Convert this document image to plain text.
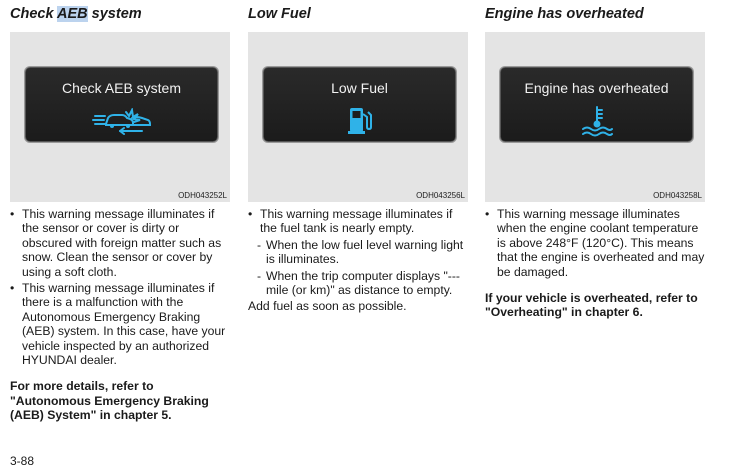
Check AEB system
Check AEB system
ODH043252L
• This warning message illuminates if the sensor or cover is dirty or obscured with foreign matter such as snow. Clean the sensor or cover by using a soft cloth.
• This warning message illuminates if there is a malfunction with the Autonomous Emergency Braking (AEB) system. In this case, have your vehicle inspected by an authorized HYUNDAI dealer.
For more details, refer to "Autonomous Emergency Braking (AEB) System" in chapter 5.
Low Fuel
Low Fuel
ODH043256L
• This warning message illuminates if the fuel tank is nearly empty.
- When the low fuel level warning light is illuminates.
- When the trip computer displays "--- mile (or km)" as distance to empty.
Add fuel as soon as possible.
Engine has overheated
Engine has overheated
ODH043258L
• This warning message illuminates when the engine coolant temperature is above 248°F (120°C). This means that the engine is overheated and may be damaged.
If your vehicle is overheated, refer to "Overheating" in chapter 6.
3-88
